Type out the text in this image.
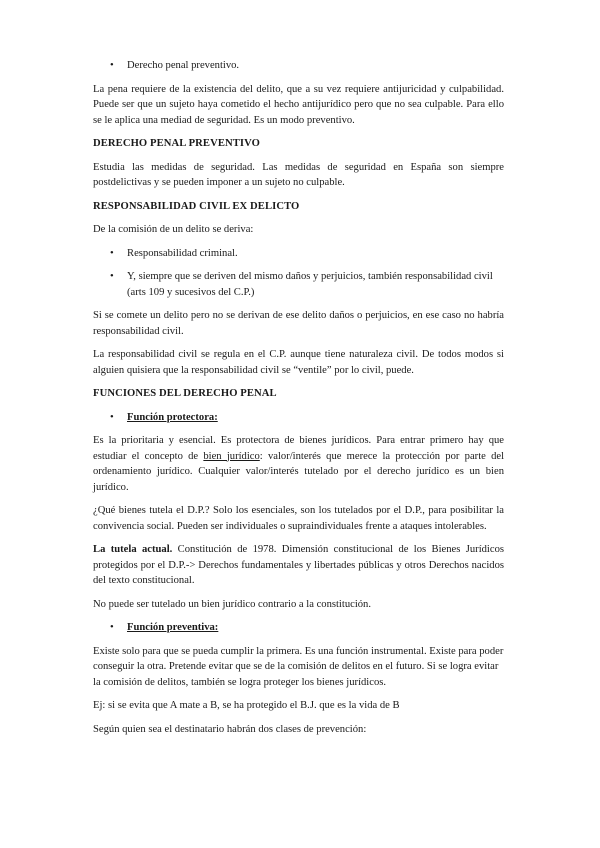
• Derecho penal preventivo.

La pena requiere de la existencia del delito, que a su vez requiere antijuricidad y culpabilidad. Puede ser que un sujeto haya cometido el hecho antijurídico pero que no sea culpable. Para ello se le aplica una mediad de seguridad. Es un modo preventivo.

DERECHO PENAL PREVENTIVO

Estudia las medidas de seguridad. Las medidas de seguridad en España son siempre postdelictivas y se pueden imponer a un sujeto no culpable.

RESPONSABILIDAD CIVIL EX DELICTO

De la comisión de un delito se deriva:

• Responsabilidad criminal.
• Y, siempre que se deriven del mismo daños y perjuicios, también responsabilidad civil (arts 109 y sucesivos del C.P.)

Si se comete un delito pero no se derivan de ese delito daños o perjuicios, en ese caso no habría responsabilidad civil.

La responsabilidad civil se regula en el C.P. aunque tiene naturaleza civil. De todos modos si alguien quisiera que la responsabilidad civil se “ventile” por lo civil, puede.

FUNCIONES DEL DERECHO PENAL
• Función protectora:

Es la prioritaria y esencial. Es protectora de bienes jurídicos. Para entrar primero hay que estudiar el concepto de bien jurídico: valor/interés que merece la protección por parte del ordenamiento jurídico. Cualquier valor/interés tutelado por el derecho jurídico es un bien jurídico.

¿Qué bienes tutela el D.P.? Solo los esenciales, son los tutelados por el D.P., para posibilitar la convivencia social. Pueden ser individuales o supraindividuales frente a ataques intolerables.

La tutela actual. Constitución de 1978. Dimensión constitucional de los Bienes Jurídicos protegidos por el D.P.-> Derechos fundamentales y libertades públicas y otros Derechos nacidos del texto constitucional.

No puede ser tutelado un bien jurídico contrario a la constitución.

• Función preventiva:

Existe solo para que se pueda cumplir la primera. Es una función instrumental. Existe para poder conseguir la otra. Pretende evitar que se de la comisión de delitos en el futuro. Si se logra evitar la comisión de delitos, también se logra proteger los bienes jurídicos.

Ej: si se evita que A mate a B, se ha protegido el B.J. que es la vida de B

Según quien sea el destinatario habrán dos clases de prevención:
